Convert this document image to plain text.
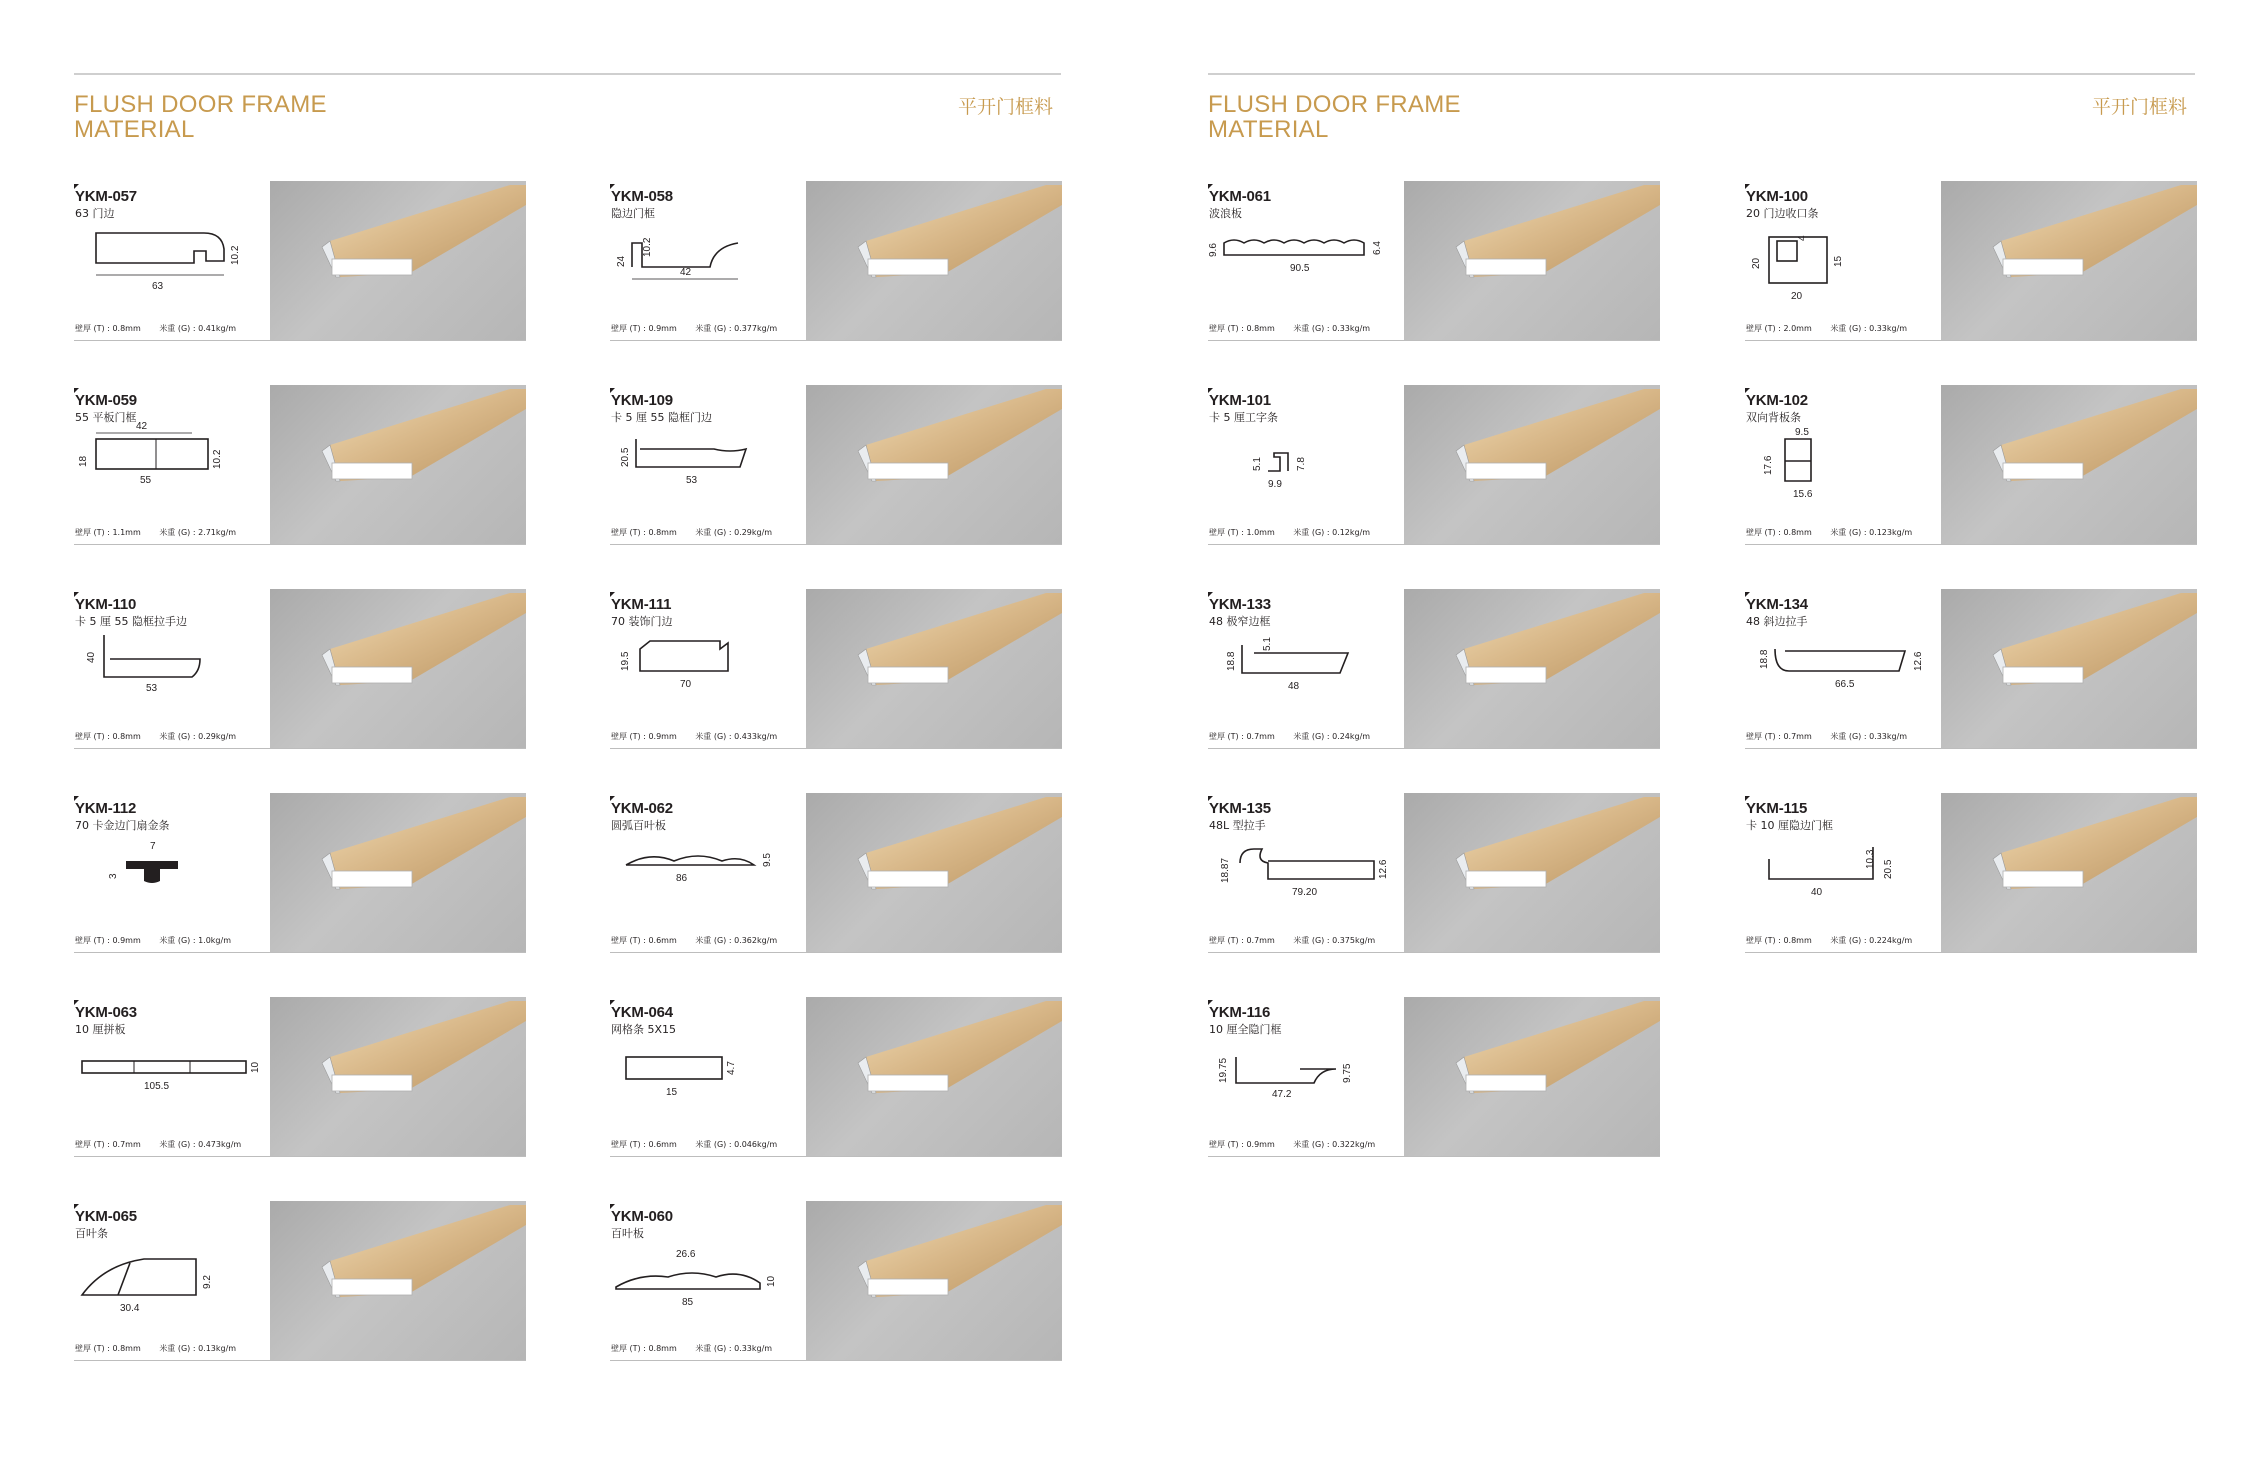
FLUSH DOOR FRAME
MATERIAL
平开门框料	FLUSH DOOR FRAME
MATERIAL
平开门框料
YKM-057
63 门边
63
10.2
壁厚 (T) : 0.8mm 米重 (G) : 0.41kg/m
YKM-058
隐边门框
42
24
10.2
壁厚 (T) : 0.9mm 米重 (G) : 0.377kg/m
YKM-059
55 平板门框
42
55
18	10.2
壁厚 (T) : 1.1mm 米重 (G) : 2.71kg/m
YKM-109
卡 5 厘 55 隐框门边
53
20.5
壁厚 (T) : 0.8mm 米重 (G) : 0.29kg/m
YKM-110
卡 5 厘 55 隐框拉手边
53
40
壁厚 (T) : 0.8mm 米重 (G) : 0.29kg/m
YKM-111
70 装饰门边
70
19.5
壁厚 (T) : 0.9mm 米重 (G) : 0.433kg/m
YKM-112
70 卡金边门扇金条
7
3
壁厚 (T) : 0.9mm 米重 (G) : 1.0kg/m
YKM-062
圆弧百叶板
86
9.5
壁厚 (T) : 0.6mm 米重 (G) : 0.362kg/m
YKM-063
10 厘拼板
105.5
10
壁厚 (T) : 0.7mm 米重 (G) : 0.473kg/m
YKM-064
网格条 5X15
15
4.7
壁厚 (T) : 0.6mm 米重 (G) : 0.046kg/m
YKM-065
百叶条
30.4
9.2
壁厚 (T) : 0.8mm 米重 (G) : 0.13kg/m
YKM-060
百叶板
26.6
85
10
壁厚 (T) : 0.8mm 米重 (G) : 0.33kg/m
YKM-061
波浪板
90.5
9.6	6.4
壁厚 (T) : 0.8mm 米重 (G) : 0.33kg/m
YKM-100
20 门边收口条
20
20	15
4
壁厚 (T) : 2.0mm 米重 (G) : 0.33kg/m
YKM-101
卡 5 厘工字条
9.9
5.1	7.8
壁厚 (T) : 1.0mm 米重 (G) : 0.12kg/m
YKM-102
双向背板条
9.5
15.6
17.6
壁厚 (T) : 0.8mm 米重 (G) : 0.123kg/m
YKM-133
48 极窄边框
48
18.8
5.1
壁厚 (T) : 0.7mm 米重 (G) : 0.24kg/m
YKM-134
48 斜边拉手
66.5
18.8	12.6
壁厚 (T) : 0.7mm 米重 (G) : 0.33kg/m
YKM-135
48L 型拉手
79.20
18.87	12.6
壁厚 (T) : 0.7mm 米重 (G) : 0.375kg/m
YKM-115
卡 10 厘隐边门框
40
10.3
20.5
壁厚 (T) : 0.8mm 米重 (G) : 0.224kg/m
YKM-116
10 厘全隐门框
47.2
19.75	9.75
壁厚 (T) : 0.9mm 米重 (G) : 0.322kg/m
